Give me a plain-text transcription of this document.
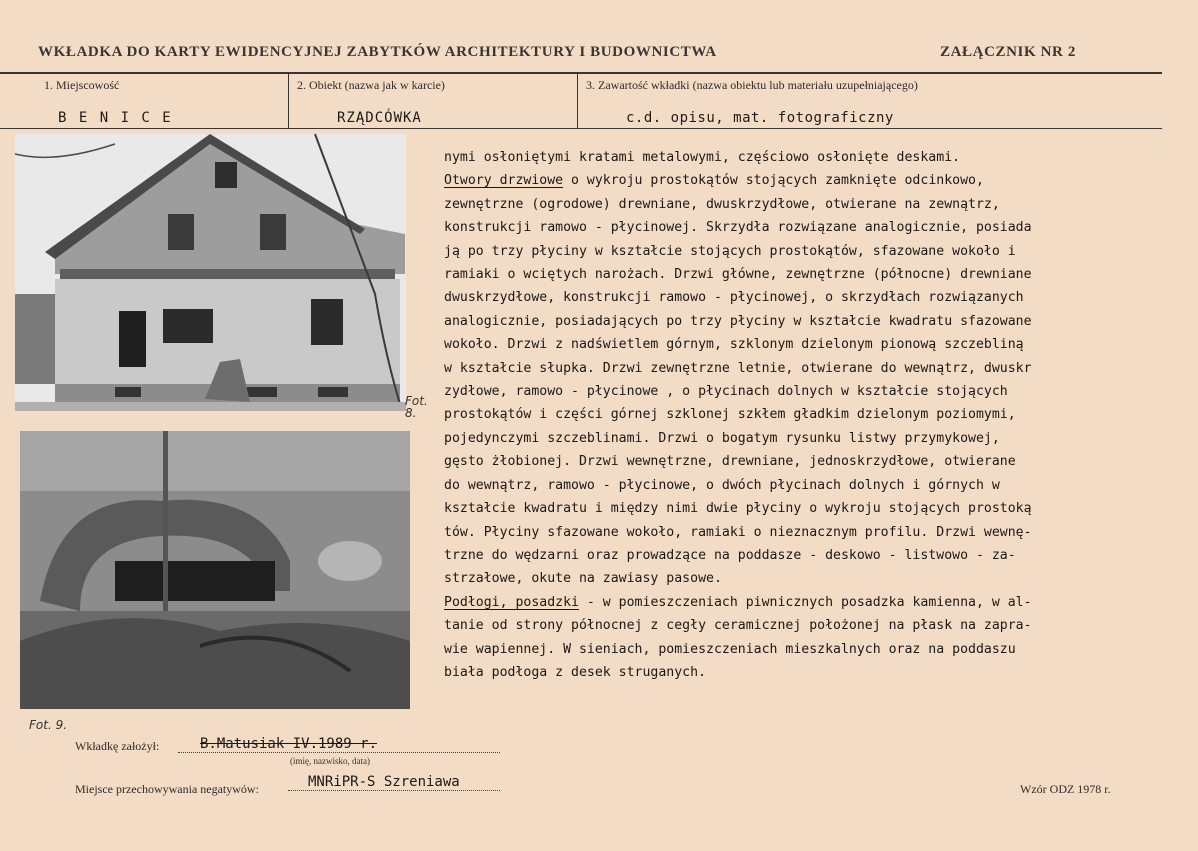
WKŁADKA DO KARTY EWIDENCYJNEJ ZABYTKÓW ARCHITEKTURY I BUDOWNICTWA	ZAŁĄCZNIK NR 2
1. Miejscowość
B E N I C E
2. Obiekt (nazwa jak w karcie)
RZĄDCÓWKA
3. Zawartość wkładki (nazwa obiektu lub materiału uzupełniającego)
c.d. opisu, mat. fotograficzny
Fot. 8.
Fot. 9.

nymi osłoniętymi kratami metalowymi, częściowo osłonięte deskami.

Otwory drzwiowe o wykroju prostokątów stojących zamknięte odcinkowo,

zewnętrzne (ogrodowe) drewniane, dwuskrzydłowe, otwierane na zewnątrz,

konstrukcji ramowo - płycinowej. Skrzydła rozwiązane analogicznie, posiada

ją po trzy płyciny w kształcie stojących prostokątów, sfazowane wokoło i

ramiaki o wciętych narożach. Drzwi główne, zewnętrzne (północne) drewniane

dwuskrzydłowe, konstrukcji ramowo - płycinowej, o skrzydłach rozwiązanych

analogicznie, posiadających po trzy płyciny w kształcie kwadratu sfazowane

wokoło. Drzwi z nadświetlem górnym, szklonym dzielonym pionową szczebliną

w kształcie słupka. Drzwi zewnętrzne letnie, otwierane do wewnątrz, dwuskr

zydłowe, ramowo - płycinowe , o płycinach dolnych w kształcie stojących

prostokątów i części górnej szklonej szkłem gładkim dzielonym poziomymi,

pojedynczymi szczeblinami. Drzwi o bogatym rysunku listwy przymykowej,

gęsto żłobionej. Drzwi wewnętrzne, drewniane, jednoskrzydłowe, otwierane

do wewnątrz, ramowo - płycinowe, o dwóch płycinach dolnych i górnych w

kształcie kwadratu i między nimi dwie płyciny o wykroju stojących prostoką

tów. Płyciny sfazowane wokoło, ramiaki o nieznacznym profilu. Drzwi wewnę-

trzne do wędzarni oraz prowadzące na poddasze - deskowo - listwowo - za-

strzałowe, okute na zawiasy pasowe.

Podłogi, posadzki - w pomieszczeniach piwnicznych posadzka kamienna, w al-

tanie od strony północnej z cegły ceramicznej położonej na płask na zapra-

wie wapiennej. W sieniach, pomieszczeniach mieszkalnych oraz na poddaszu

biała podłoga z desek struganych.

Wkładkę założył:	B.Matusiak IV.1989 r.
(imię, nazwisko, data)
Miejsce przechowywania negatywów:	MNRiPR-S Szreniawa	Wzór ODZ 1978 r.
